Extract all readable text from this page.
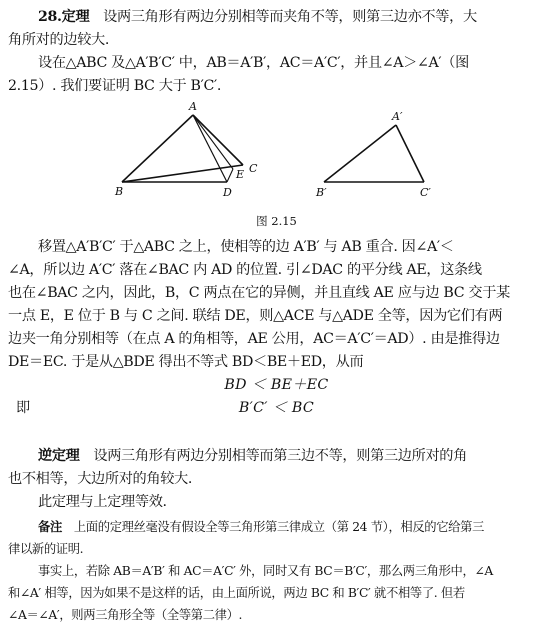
28.定理　 设两三角形有两边分别相等而夹角不等，则第三边亦不等，大

角所对的边较大.

设在△ABC 及△A′B′C′ 中，AB＝A′B′，AC＝A′C′，并且∠A＞∠A′（图

2.15）. 我们要证明 BC 大于 B′C′.

A
B
C
D
E
A′
B′	C′
图 2.15

移置△A′B′C′ 于△ABC 之上，使相等的边 A′B′ 与 AB 重合. 因∠A′＜

∠A，所以边 A′C′ 落在∠BAC 内 AD 的位置. 引∠DAC 的平分线 AE，这条线

也在∠BAC 之内，因此，B，C 两点在它的异侧，并且直线 AE 应与边 BC 交于某

一点 E，E 位于 B 与 C 之间. 联结 DE，则△ACE 与△ADE 全等，因为它们有两

边夹一角分别相等（在点 A 的角相等，AE 公用，AC＝A′C′＝AD）. 由是推得边

DE＝EC. 于是从△BDE 得出不等式 BD＜BE＋ED，从而

BD ＜ BE＋EC

即	B′C′ ＜ BC

逆定理　 设两三角形有两边分别相等而第三边不等，则第三边所对的角

也不相等，大边所对的角较大.

此定理与上定理等效.

备注　 上面的定理丝毫没有假设全等三角形第三律成立（第 24 节），相反的它给第三

律以新的证明.

事实上，若除 AB＝A′B′ 和 AC＝A′C′ 外，同时又有 BC＝B′C′，那么两三角形中，∠A

和∠A′ 相等，因为如果不是这样的话，由上面所说，两边 BC 和 B′C′ 就不相等了. 但若

∠A＝∠A′，则两三角形全等（全等第二律）.
